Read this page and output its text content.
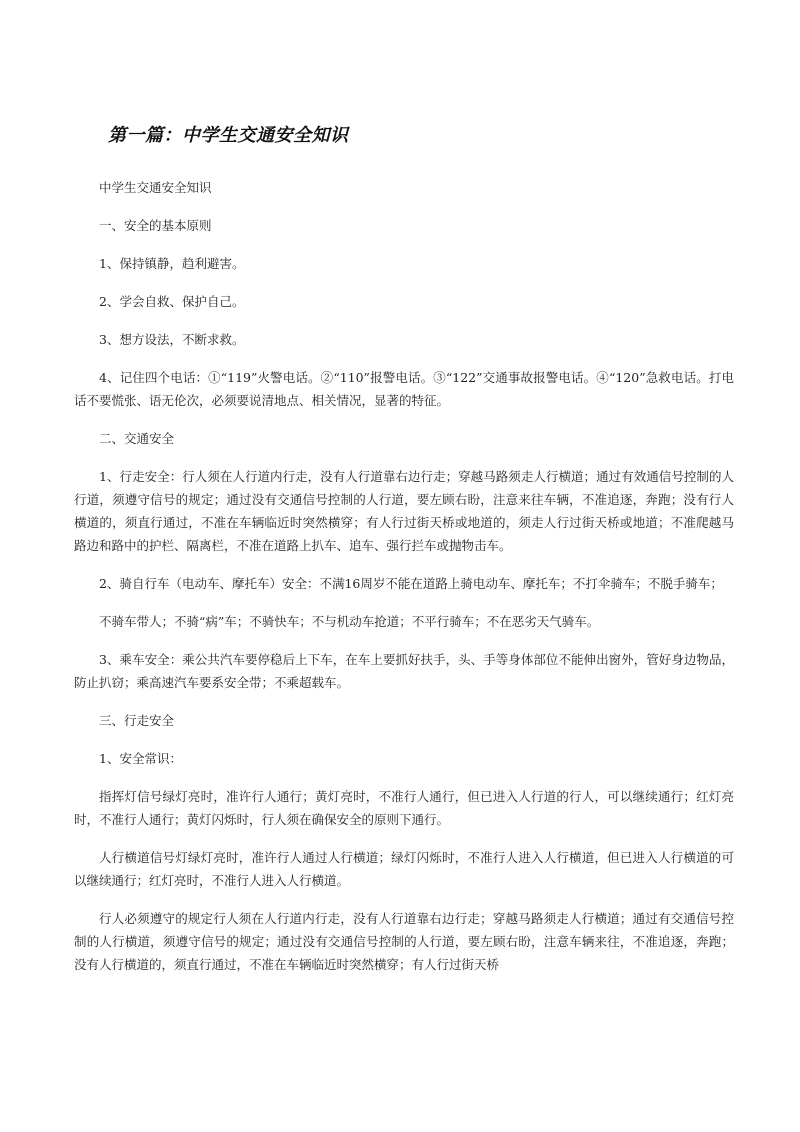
第一篇：中学生交通安全知识

中学生交通安全知识

一、安全的基本原则

1、保持镇静，趋利避害。

2、学会自救、保护自己。

3、想方设法，不断求救。

4、记住四个电话：①“119”火警电话。②“110”报警电话。③“122”交通事故报警电话。④“120”急救电话。打电话不要慌张、语无伦次，必须要说清地点、相关情况，显著的特征。

二、交通安全

1、行走安全：行人须在人行道内行走，没有人行道靠右边行走；穿越马路须走人行横道；通过有效通信号控制的人行道，须遵守信号的规定；通过没有交通信号控制的人行道，要左顾右盼，注意来往车辆，不准追逐，奔跑；没有行人横道的，须直行通过，不准在车辆临近时突然横穿；有人行过街天桥或地道的，须走人行过街天桥或地道；不准爬越马路边和路中的护栏、隔离栏，不准在道路上扒车、追车、强行拦车或抛物击车。

2、骑自行车（电动车、摩托车）安全：不满16周岁不能在道路上骑电动车、摩托车；不打伞骑车；不脱手骑车；

不骑车带人；不骑“病”车；不骑快车；不与机动车抢道；不平行骑车；不在恶劣天气骑车。

3、乘车安全：乘公共汽车要停稳后上下车，在车上要抓好扶手，头、手等身体部位不能伸出窗外，管好身边物品，防止扒窃；乘高速汽车要系安全带；不乘超载车。

三、行走安全

1、安全常识：

指挥灯信号绿灯亮时，准许行人通行；黄灯亮时，不准行人通行，但已进入人行道的行人，可以继续通行；红灯亮时，不准行人通行；黄灯闪烁时，行人须在确保安全的原则下通行。

人行横道信号灯绿灯亮时，准许行人通过人行横道；绿灯闪烁时，不准行人进入人行横道，但已进入人行横道的可以继续通行；红灯亮时，不准行人进入人行横道。

行人必须遵守的规定行人须在人行道内行走，没有人行道靠右边行走；穿越马路须走人行横道；通过有交通信号控制的人行横道，须遵守信号的规定；通过没有交通信号控制的人行道，要左顾右盼，注意车辆来往，不准追逐，奔跑；没有人行横道的，须直行通过，不准在车辆临近时突然横穿；有人行过街天桥
